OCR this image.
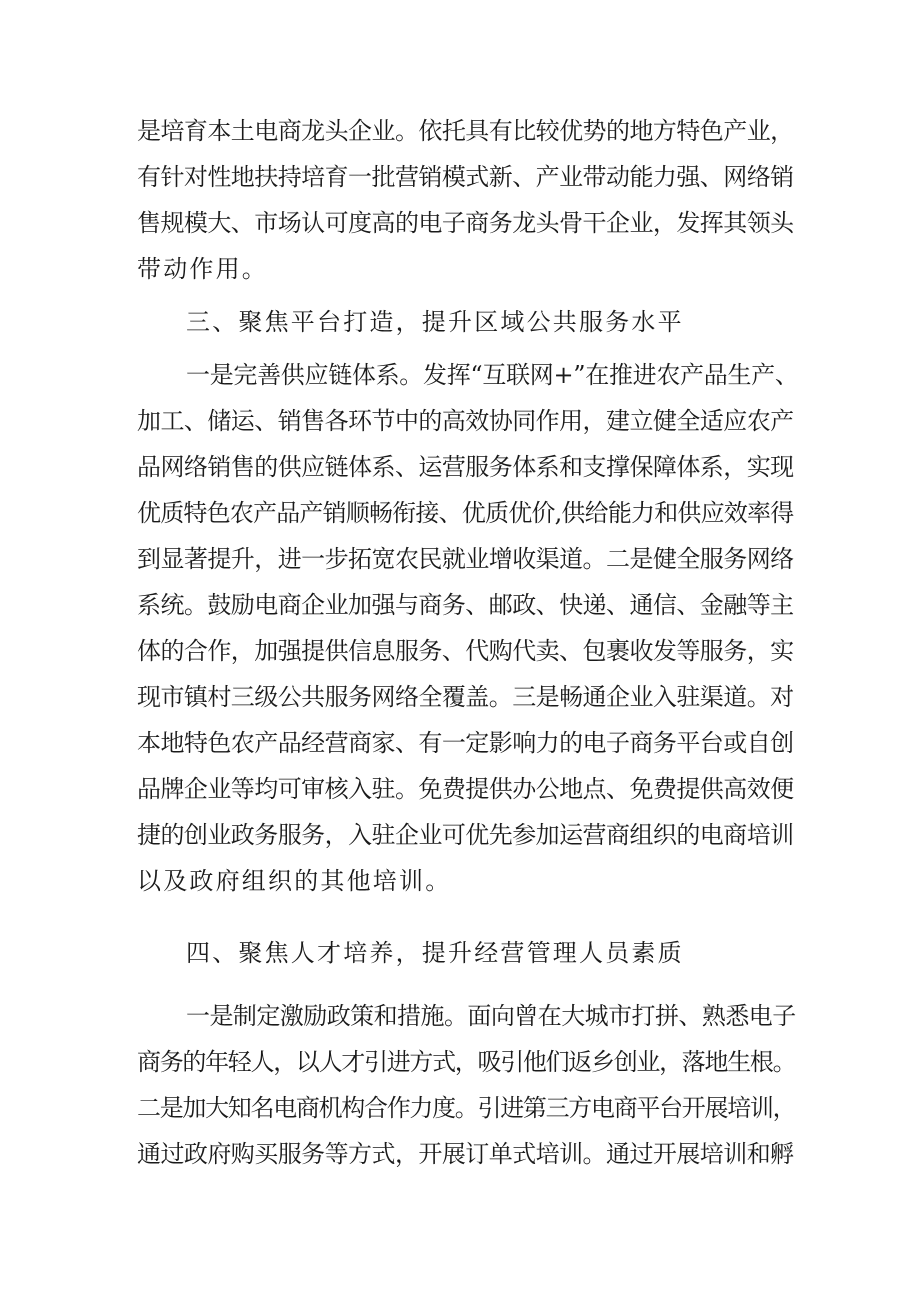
是培育本土电商龙头企业。依托具有比较优势的地方特色产业，
有针对性地扶持培育一批营销模式新、产业带动能力强、网络销
售规模大、市场认可度高的电子商务龙头骨干企业，发挥其领头
带动作用。
三、聚焦平台打造，提升区域公共服务水平
一是完善供应链体系。发挥“互联网+”在推进农产品生产、
加工、储运、销售各环节中的高效协同作用，建立健全适应农产
品网络销售的供应链体系、运营服务体系和支撑保障体系，实现
优质特色农产品产销顺畅衔接、优质优价,供给能力和供应效率得
到显著提升，进一步拓宽农民就业增收渠道。二是健全服务网络
系统。鼓励电商企业加强与商务、邮政、快递、通信、金融等主
体的合作，加强提供信息服务、代购代卖、包裹收发等服务，实
现市镇村三级公共服务网络全覆盖。三是畅通企业入驻渠道。对
本地特色农产品经营商家、有一定影响力的电子商务平台或自创
品牌企业等均可审核入驻。免费提供办公地点、免费提供高效便
捷的创业政务服务，入驻企业可优先参加运营商组织的电商培训
以及政府组织的其他培训。
四、聚焦人才培养，提升经营管理人员素质
一是制定激励政策和措施。面向曾在大城市打拼、熟悉电子
商务的年轻人，以人才引进方式，吸引他们返乡创业，落地生根。
二是加大知名电商机构合作力度。引进第三方电商平台开展培训，
通过政府购买服务等方式，开展订单式培训。通过开展培训和孵
